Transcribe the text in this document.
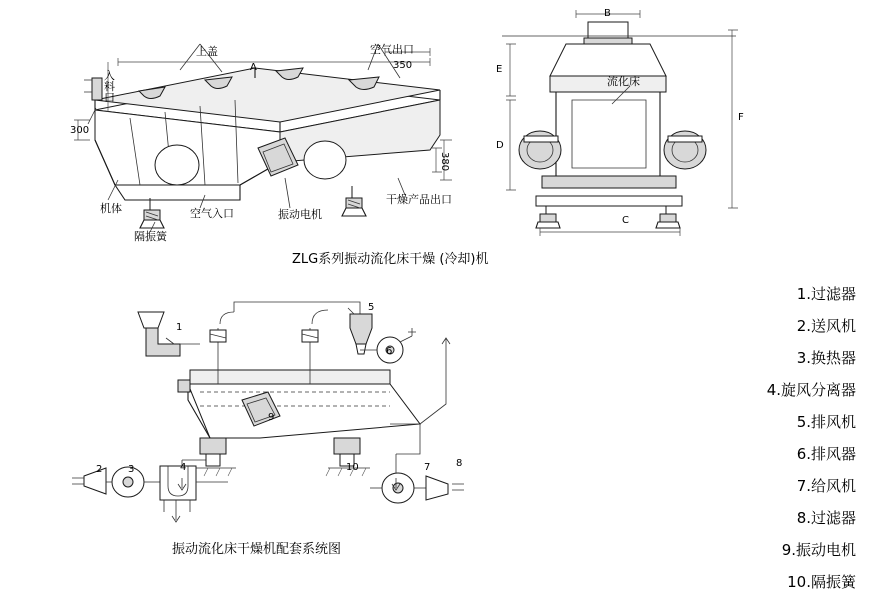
上盖	空气出口
A	350
300
380
入料口
机体
隔振簧
空气入口	振动电机
干燥产品出口
流化床
B
E
D
F
C
ZLG系列振动流化床干燥 (冷却)机
1
2	3	4
5
6
7	8
9
10
振动流化床干燥机配套系统图
1.过滤器
2.送风机
3.换热器
4.旋风分离器
5.排风机
6.排风器
7.给风机
8.过滤器
9.振动电机
10.隔振簧
